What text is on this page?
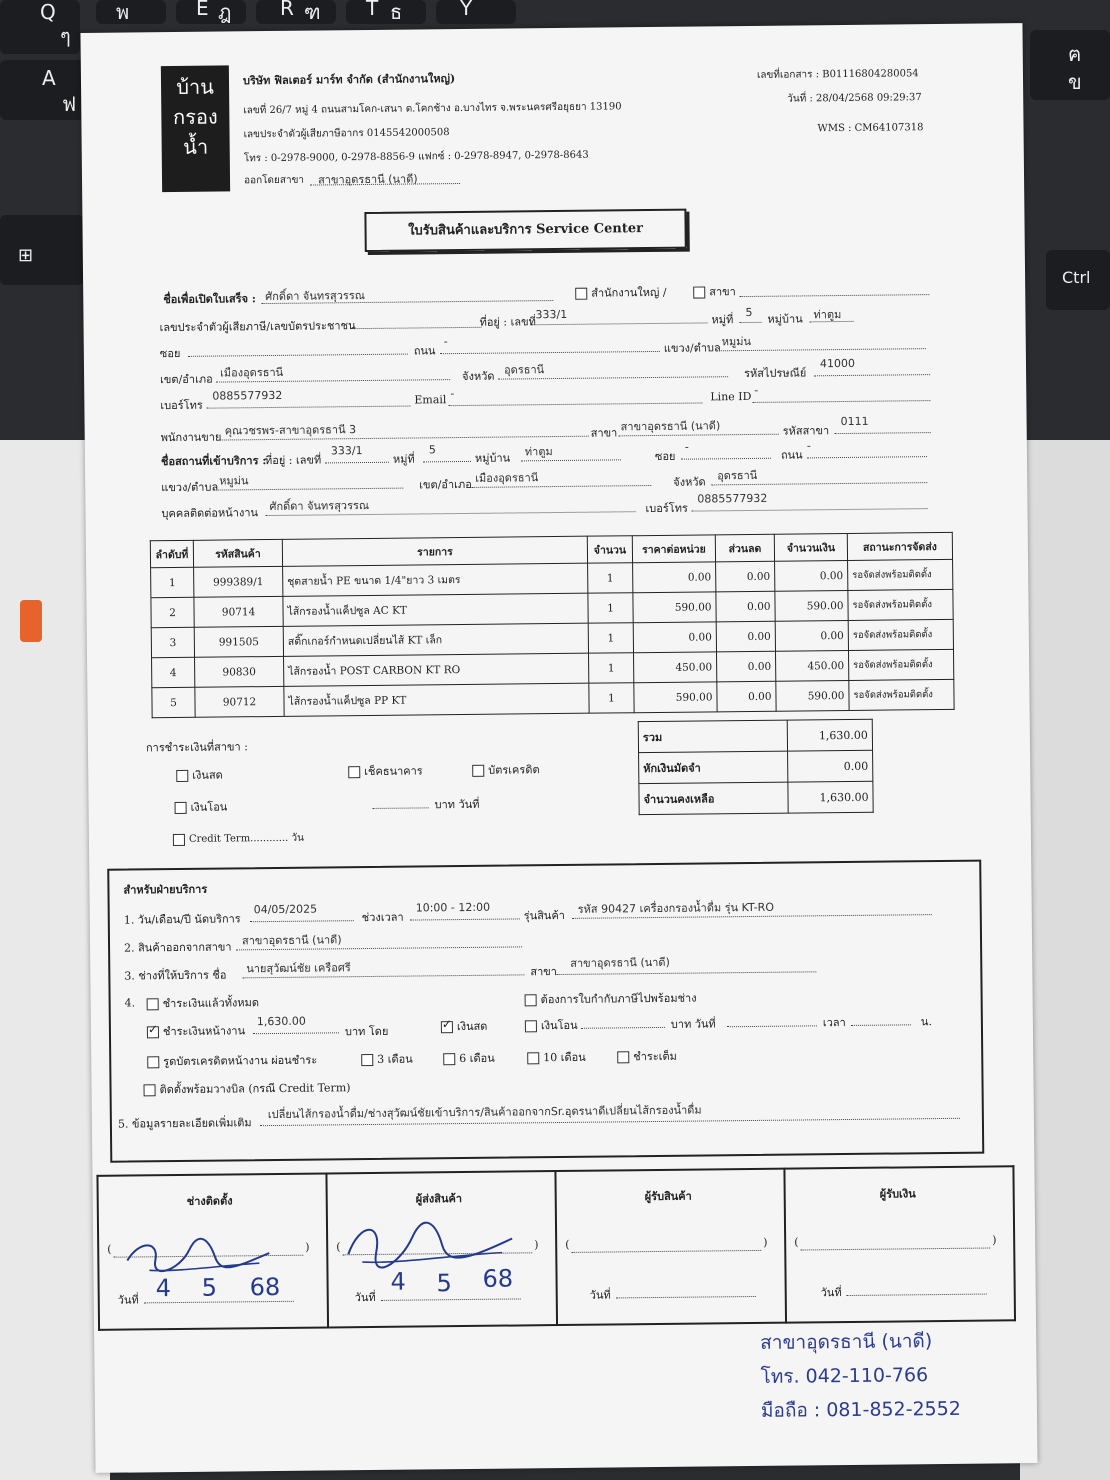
Q
ๆ
A
ฟ
⊞
พ	E ฎ R ฑ T ธ	Y
ฅ
ข
Ctrl
บ้าน
กรอง
น้ำ
บริษัท ฟิลเตอร์ มาร์ท จำกัด (สำนักงานใหญ่)
เลขที่ 26/7 หมู่ 4 ถนนสามโคก-เสนา ต.โคกช้าง อ.บางไทร จ.พระนครศรีอยุธยา 13190
เลขประจำตัวผู้เสียภาษีอากร 0145542000508
โทร : 0-2978-9000, 0-2978-8856-9 แฟกซ์ : 0-2978-8947, 0-2978-8643
ออกโดยสาขา สาขาอุดรธานี (นาดี)
เลขที่เอกสาร : B01116804280054
วันที่ : 28/04/2568 09:29:37
WMS : CM64107318
ใบรับสินค้าและบริการ Service Center
ชื่อเพื่อเปิดใบเสร็จ : ศักดิ์ดา จันทรสุวรรณ	สำนักงานใหญ่ /	สาขา
เลขประจำตัวผู้เสียภาษี/เลขบัตรประชาชน	ที่อยู่ : เลขที่
333/1	หมู่ที่
5 หมู่บ้าน ท่าตูม
ซอย	ถนน
-	แขวง/ตำบล หมูม่น
เขต/อำเภอ เมืองอุดรธานี	จังหวัด อุดรธานี	รหัสไปรษณีย์
41000
เบอร์โทร
0885577932	Email -	Line ID -
พนักงานขาย คุณวชรพร-สาขาอุดรธานี 3	สาขา สาขาอุดรธานี (นาดี)	รหัสสาขา
0111
ชื่อสถานที่เข้าบริการ :
ที่อยู่ : เลขที่
333/1
หมู่ที่
5
หมู่บ้าน ท่าตูม	ซอย
-
ถนน
-
แขวง/ตำบล หมูม่น	เขต/อำเภอ เมืองอุดรธานี	จังหวัด อุดรธานี
บุคคลติดต่อหน้างาน
ศักดิ์ดา จันทรสุวรรณ	เบอร์โทร
0885577932
ลำดับที่	รหัสสินค้า	รายการ	จำนวน	ราคาต่อหน่วย	ส่วนลด	จำนวนเงิน	สถานะการจัดส่ง
1	999389/1	ชุดสายน้ำ PE ขนาด 1/4"ยาว 3 เมตร	1	0.00	0.00	0.00	รอจัดส่งพร้อมติดตั้ง
2	90714	ไส้กรองน้ำแค็ปซูล AC KT	1	590.00	0.00	590.00	รอจัดส่งพร้อมติดตั้ง
3	991505	สติ๊กเกอร์กำหนดเปลี่ยนไส้ KT เล็ก	1	0.00	0.00	0.00	รอจัดส่งพร้อมติดตั้ง
4	90830	ไส้กรองน้ำ POST CARBON KT RO	1	450.00	0.00	450.00	รอจัดส่งพร้อมติดตั้ง
5	90712	ไส้กรองน้ำแค็ปซูล PP KT	1	590.00	0.00	590.00	รอจัดส่งพร้อมติดตั้ง
การชำระเงินที่สาขา :
เงินสด	เช็คธนาคาร	บัตรเครดิต
เงินโอน	บาท วันที่
Credit Term............ วัน
รวม	1,630.00
หักเงินมัดจำ	0.00
จำนวนคงเหลือ	1,630.00
สำหรับฝ่ายบริการ
1. วัน/เดือน/ปี นัดบริการ
04/05/2025
ช่วงเวลา
10:00 - 12:00
รุ่นสินค้า รหัส 90427 เครื่องกรองน้ำดื่ม รุ่น KT-RO
2. สินค้าออกจากสาขา
สาขาอุดรธานี (นาดี)
3. ช่างที่ให้บริการ ชื่อ
นายสุวัฒน์ชัย เครือศรี	สาขา
สาขาอุดรธานี (นาดี)
4.	ชำระเงินแล้วทั้งหมด	ต้องการใบกำกับภาษีไปพร้อมช่าง
✓ชำระเงินหน้างาน
1,630.00
บาท โดย ✓	เงินสด	เงินโอน	บาท วันที่	เวลา	น.
รูดบัตรเครดิตหน้างาน ผ่อนชำระ	3 เดือน	6 เดือน	10 เดือน	ชำระเต็ม
ติดตั้งพร้อมวางบิล (กรณี Credit Term)
5. ข้อมูลรายละเอียดเพิ่มเติม
เปลี่ยนไส้กรองน้ำดื่ม/ช่างสุวัฒน์ชัยเข้าบริการ/สินค้าออกจากSr.อุดรนาดีเปลี่ยนไส้กรองน้ำดื่ม
ช่างติดตั้ง
(	)
วันที่ 4 5 68

ผู้ส่งสินค้า
(	)
วันที่
4 5 68

ผู้รับสินค้า
(	)
วันที่

ผู้รับเงิน
(	)
วันที่
สาขาอุดรธานี (นาดี)
โทร. 042-110-766
มือถือ : 081-852-2552
